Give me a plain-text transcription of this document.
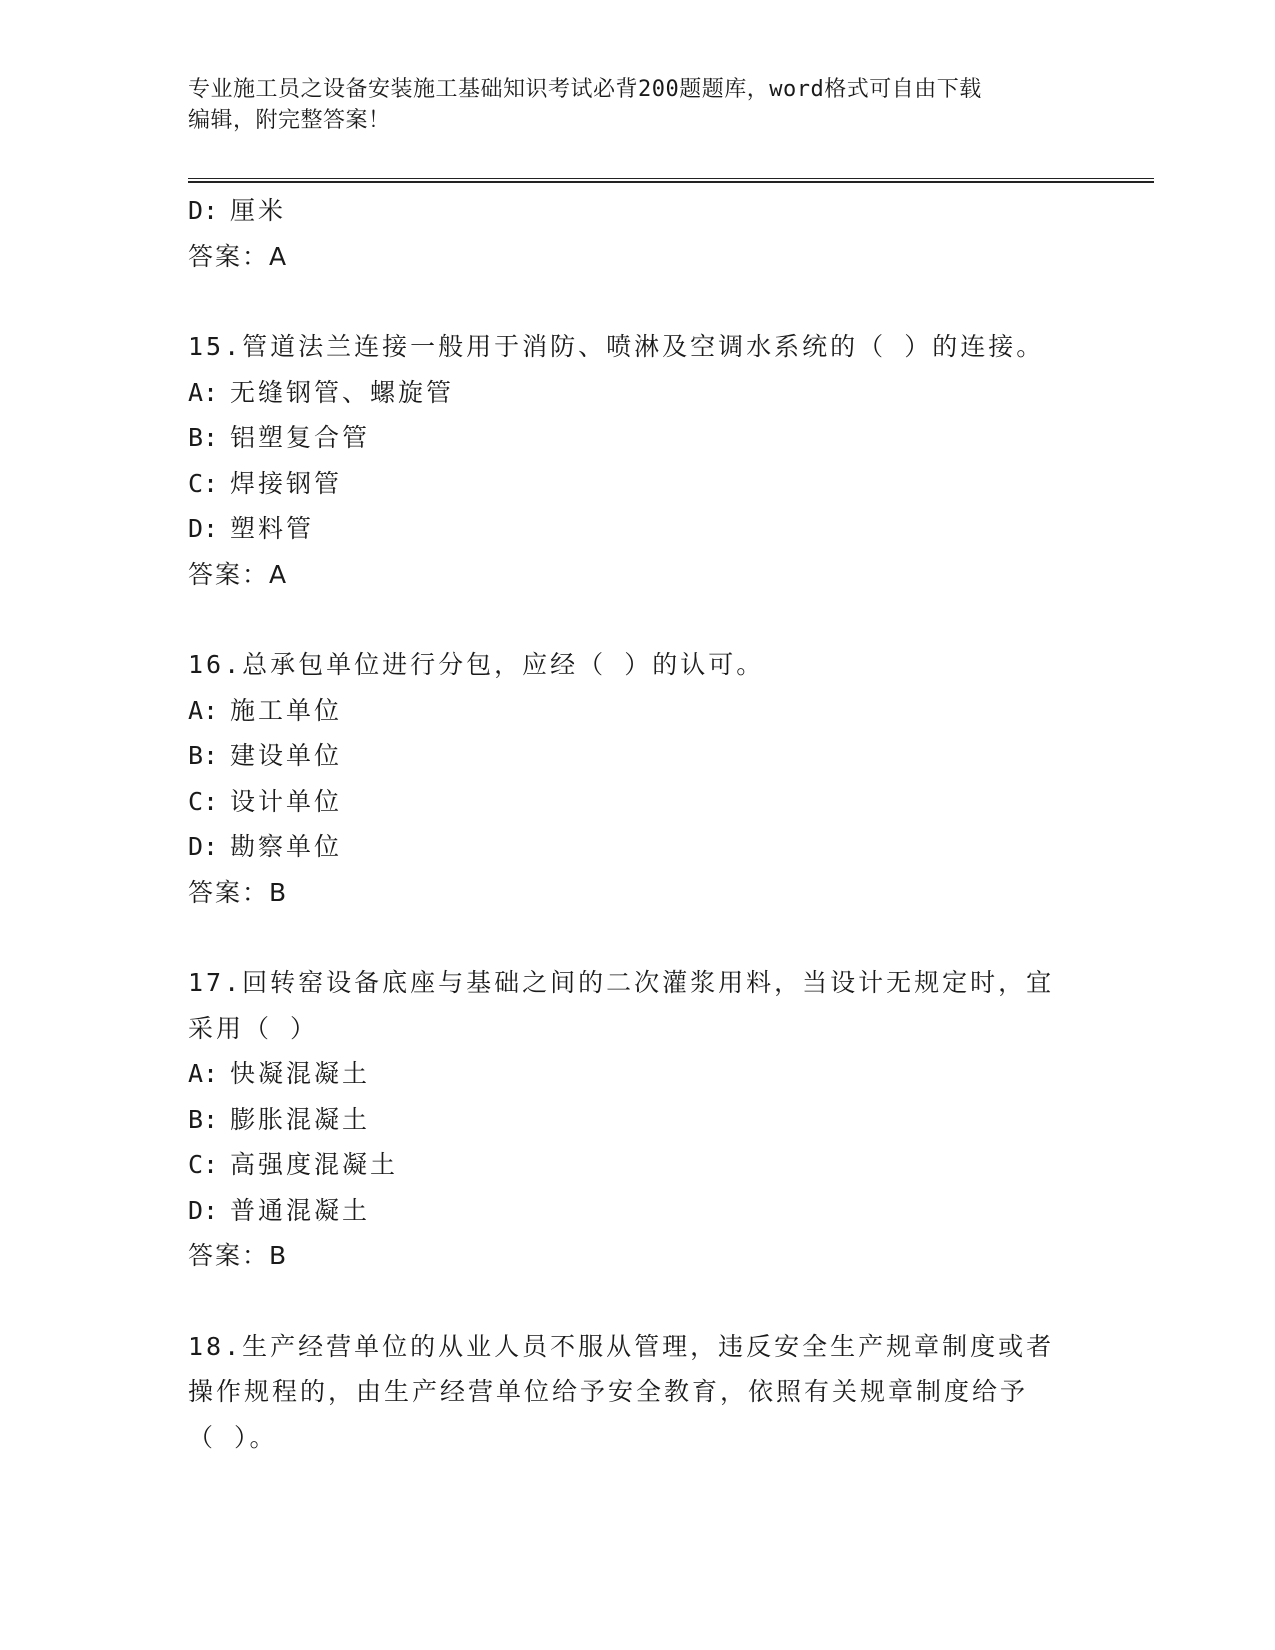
专业施工员之设备安装施工基础知识考试必背200题题库，word格式可自由下载
编辑，附完整答案！
D: 厘米
答案：A
15.管道法兰连接一般用于消防、喷淋及空调水系统的（ ）的连接。
A: 无缝钢管、螺旋管
B: 铝塑复合管
C: 焊接钢管
D: 塑料管
答案：A
16.总承包单位进行分包，应经（ ）的认可。
A: 施工单位
B: 建设单位
C: 设计单位
D: 勘察单位
答案：B
17.回转窑设备底座与基础之间的二次灌浆用料，当设计无规定时，宜
采用（ ）
A: 快凝混凝土
B: 膨胀混凝土
C: 高强度混凝土
D: 普通混凝土
答案：B
18.生产经营单位的从业人员不服从管理，违反安全生产规章制度或者
操作规程的，由生产经营单位给予安全教育，依照有关规章制度给予
（ ）。
